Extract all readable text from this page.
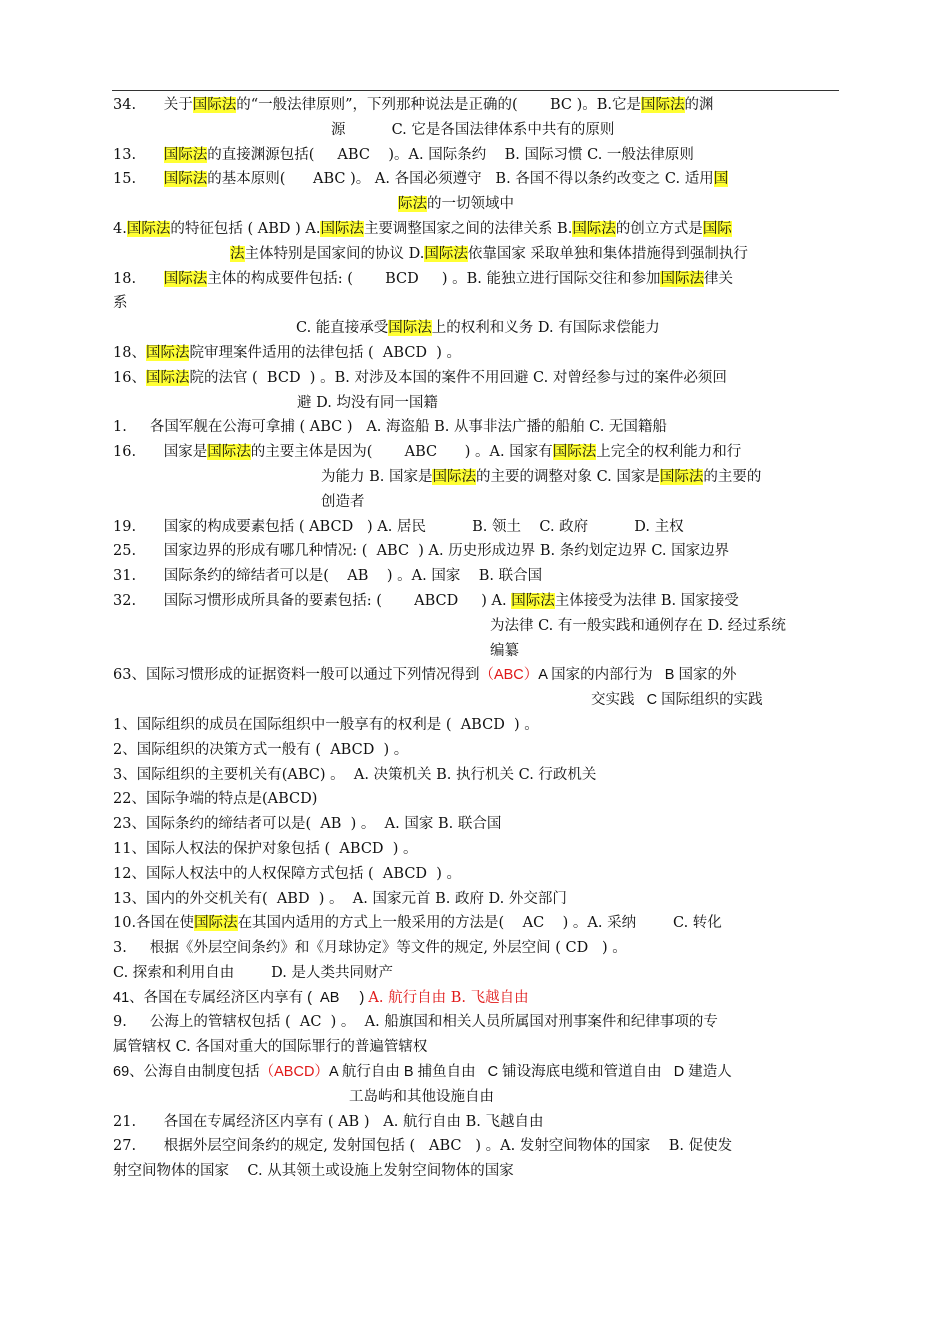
34.      关于国际法的“一般法律原则”，下列那种说法是正确的(       BC )。B.它是国际法的渊
源          C. 它是各国法律体系中共有的原则
13.      国际法的直接渊源包括(     ABC    )。A. 国际条约    B. 国际习惯 C. 一般法律原则
15.      国际法的基本原则(      ABC )。 A. 各国必须遵守   B. 各国不得以条约改变之 C. 适用国
际法的一切领域中
4.国际法的特征包括 ( ABD ) A.国际法主要调整国家之间的法律关系 B.国际法的创立方式是国际
法主体特别是国家间的协议 D.国际法依靠国家 采取单独和集体措施得到强制执行
18.      国际法主体的构成要件包括: (       BCD     ) 。B. 能独立进行国际交往和参加国际法律关
系
C. 能直接承受国际法上的权利和义务 D. 有国际求偿能力
18、国际法院审理案件适用的法律包括 (  ABCD  ) 。
16、国际法院的法官 (  BCD  ) 。B. 对涉及本国的案件不用回避 C. 对曾经参与过的案件必须回
避 D. 均没有同一国籍
1.     各国军舰在公海可拿捕 ( ABC )   A. 海盗船 B. 从事非法广播的船舶 C. 无国籍船
16.      国家是国际法的主要主体是因为(       ABC      ) 。A. 国家有国际法上完全的权利能力和行
为能力 B. 国家是国际法的主要的调整对象 C. 国家是国际法的主要的
创造者
19.      国家的构成要素包括 ( ABCD   ) A. 居民          B. 领土    C. 政府          D. 主权
25.      国家边界的形成有哪几种情况: (  ABC  ) A. 历史形成边界 B. 条约划定边界 C. 国家边界
31.      国际条约的缔结者可以是(    AB    ) 。A. 国家    B. 联合国
32.      国际习惯形成所具备的要素包括: (       ABCD     ) A. 国际法主体接受为法律 B. 国家接受
为法律 C. 有一般实践和通例存在 D. 经过系统
编纂
63、国际习惯形成的证据资料一般可以通过下列情况得到（ABC）A 国家的内部行为   B 国家的外
交实践   C 国际组织的实践
1、国际组织的成员在国际组织中一般享有的权利是 (  ABCD  ) 。
2、国际组织的决策方式一般有 (  ABCD  ) 。
3、国际组织的主要机关有(ABC) 。  A. 决策机关 B. 执行机关 C. 行政机关
22、国际争端的特点是(ABCD)
23、国际条约的缔结者可以是(  AB  ) 。  A. 国家 B. 联合国
11、国际人权法的保护对象包括 (  ABCD  ) 。
12、国际人权法中的人权保障方式包括 (  ABCD  ) 。
13、国内的外交机关有(  ABD  ) 。  A. 国家元首 B. 政府 D. 外交部门
10.各国在使国际法在其国内适用的方式上一般采用的方法是(    AC    ) 。A. 采纳        C. 转化
3.     根据《外层空间条约》和《月球协定》等文件的规定, 外层空间 ( CD   ) 。
C. 探索和利用自由        D. 是人类共同财产
41、各国在专属经济区内享有 (  AB     ) A. 航行自由 B. 飞越自由
9.     公海上的管辖权包括 (  AC  ) 。  A. 船旗国和相关人员所属国对刑事案件和纪律事项的专
属管辖权 C. 各国对重大的国际罪行的普遍管辖权
69、公海自由制度包括（ABCD）A 航行自由 B 捕鱼自由   C 铺设海底电缆和管道自由   D 建造人
工岛屿和其他设施自由
21.      各国在专属经济区内享有 ( AB )   A. 航行自由 B. 飞越自由
27.      根据外层空间条约的规定, 发射国包括 (   ABC   ) 。A. 发射空间物体的国家    B. 促使发
射空间物体的国家    C. 从其领土或设施上发射空间物体的国家
